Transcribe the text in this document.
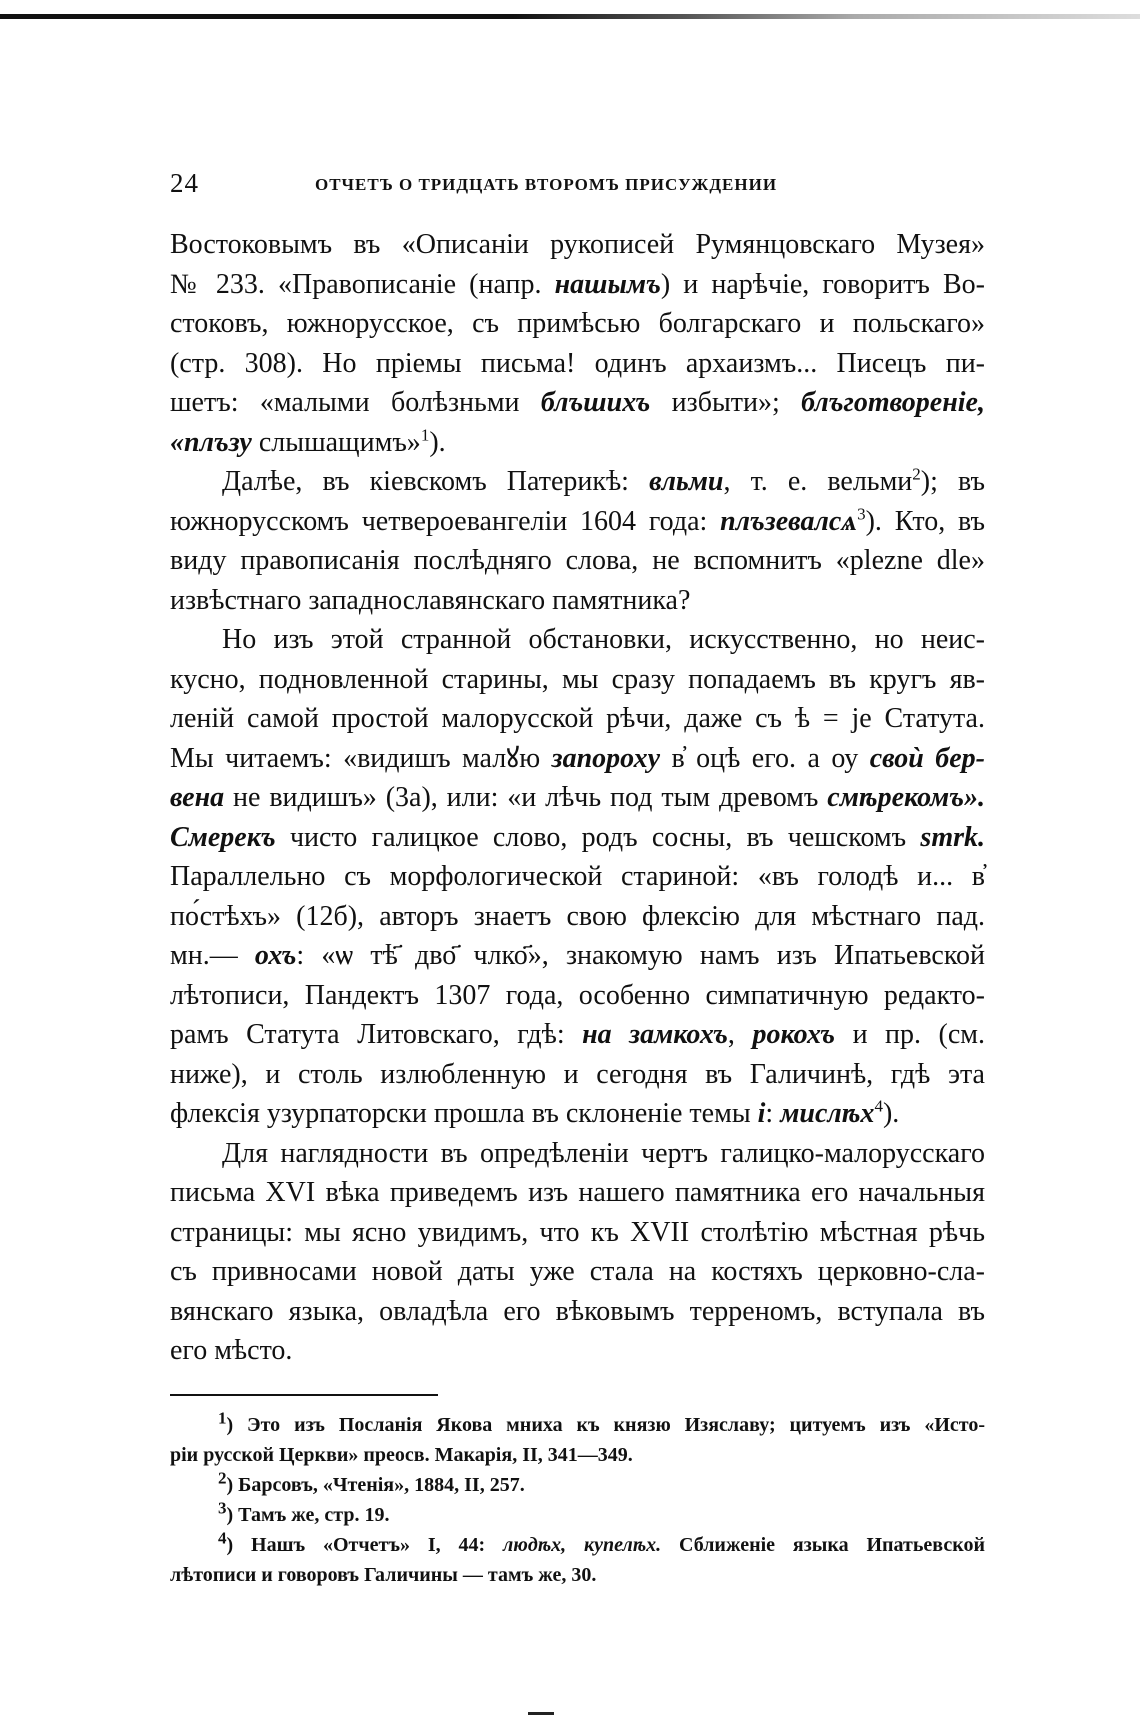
24	ОТЧЕТЪ О ТРИДЦАТЬ ВТОРОМЪ ПРИСУЖДЕНИИ
Востоковымъ въ «Описаніи рукописей Румянцовскаго Музея»
№ 233. «Правописаніе (напр. нашымъ) и нарѣчіе, говоритъ Во-
стоковъ, южнорусское, съ примѣсью болгарскаго и польскаго»
(стр. 308). Но пріемы письма! одинъ архаизмъ... Писецъ пи-
шетъ: «малыми болѣзньми блъшихъ избыти»; блъготвореніе,
«плъзу слышащимъ»$^1$).
Далѣе, въ кіевскомъ Патерикѣ: вльми, т. е. вельми$^2$); въ
южнорусскомъ четвероевангеліи 1604 года: плъзевалсѧ$^3$). Кто, въ
виду правописанія послѣдняго слова, не вспомнитъ «plezne dle»
извѣстнаго западнославянскаго памятника?
Но изъ этой странной обстановки, искусственно, но неис-
кусно, подновленной старины, мы сразу попадаемъ въ кругъ яв-
леній самой простой малорусской рѣчи, даже съ ѣ = je Статута.
Мы читаемъ: «видишъ малꙋю запороху в̓ оцѣ его. а оу своѝ бер-
вена не видишъ» (3а), или: «и лѣчь под тым древомъ смѣрекомъ».
Смерекъ чисто галицкое слово, родъ сосны, въ чешскомъ smrk.
Параллельно съ морфологической стариной: «въ голодѣ и... в̓
по́стѣхъ» (12б), авторъ знаетъ свою флексію для мѣстнаго пад.
мн.— охъ: «ѡ тѣ҃ дво҃ члко҃», знакомую намъ изъ Ипатьевской
лѣтописи, Пандектъ 1307 года, особенно симпатичную редакто-
рамъ Статута Литовскаго, гдѣ: на замкохъ, рокохъ и пр. (см.
ниже), и столь излюбленную и сегодня въ Галичинѣ, гдѣ эта
флексія узурпаторски прошла въ склоненіе темы і: мислѣх$^4$).
Для наглядности въ опредѣленіи чертъ галицко-малорусскаго
письма XVI вѣка приведемъ изъ нашего памятника его начальныя
страницы: мы ясно увидимъ, что къ XVII столѣтію мѣстная рѣчь
съ привносами новой даты уже стала на костяхъ церковно-сла-
вянскаго языка, овладѣла его вѣковымъ терреномъ, вступала въ
его мѣсто.
$^1$) Это изъ Посланія Якова мниха къ князю Изяславу; цитуемъ изъ «Исто-
ріи русской Церкви» преосв. Макарія, II, 341—349.
$^2$) Барсовъ, «Чтенія», 1884, II, 257.
$^3$) Тамъ же, стр. 19.
$^4$) Нашъ «Отчетъ» I, 44: людѣх, купелѣх. Сближеніе языка Ипатьевской
лѣтописи и говоровъ Галичины — тамъ же, 30.
